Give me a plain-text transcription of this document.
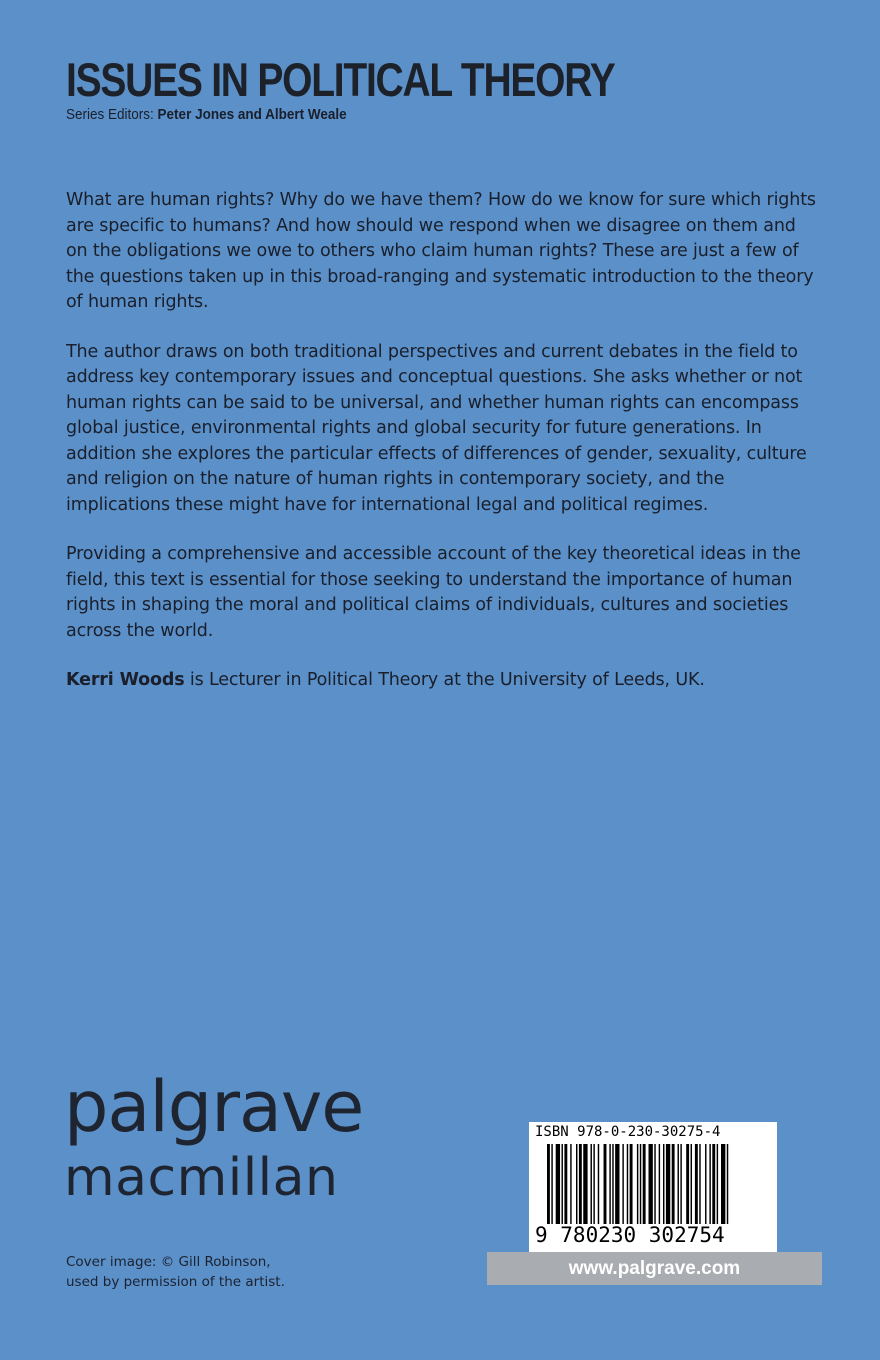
ISSUES IN POLITICAL THEORY
Series Editors: Peter Jones and Albert Weale

What are human rights? Why do we have them? How do we know for sure which rights are specific to humans? And how should we respond when we disagree on them and on the obligations we owe to others who claim human rights? These are just a few of the questions taken up in this broad-ranging and systematic introduction to the theory of human rights.

The author draws on both traditional perspectives and current debates in the field to address key contemporary issues and conceptual questions. She asks whether or not human rights can be said to be universal, and whether human rights can encompass global justice, environmental rights and global security for future generations. In addition she explores the particular effects of differences of gender, sexuality, culture and religion on the nature of human rights in contemporary society, and the implications these might have for international legal and political regimes.

Providing a comprehensive and accessible account of the key theoretical ideas in the field, this text is essential for those seeking to understand the importance of human rights in shaping the moral and political claims of individuals, cultures and societies across the world.

Kerri Woods is Lecturer in Political Theory at the University of Leeds, UK.

palgrave
macmillan
Cover image: © Gill Robinson,
used by permission of the artist.
ISBN 978-0-230-30275-4
9 780230 302754
www.palgrave.com
